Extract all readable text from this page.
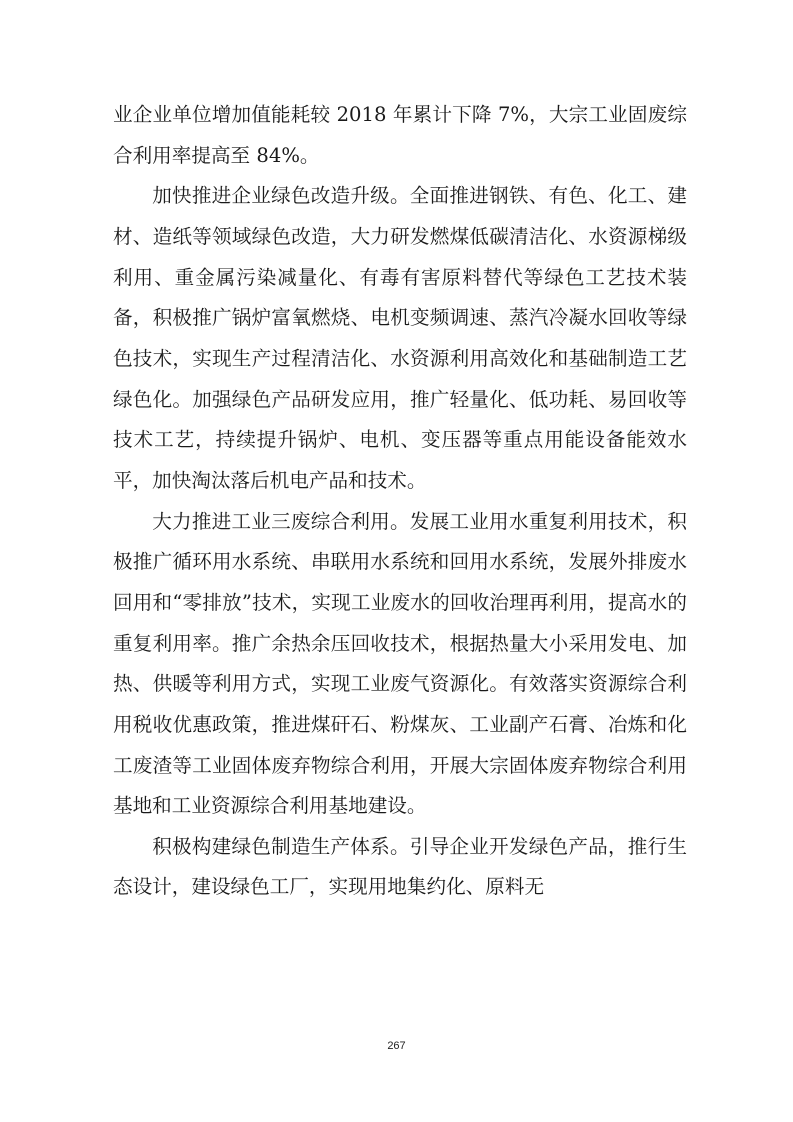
业企业单位增加值能耗较 2018 年累计下降 7%，大宗工业固废综合利用率提高至 84%。

加快推进企业绿色改造升级。全面推进钢铁、有色、化工、建材、造纸等领域绿色改造，大力研发燃煤低碳清洁化、水资源梯级利用、重金属污染减量化、有毒有害原料替代等绿色工艺技术装备，积极推广锅炉富氧燃烧、电机变频调速、蒸汽冷凝水回收等绿色技术，实现生产过程清洁化、水资源利用高效化和基础制造工艺绿色化。加强绿色产品研发应用，推广轻量化、低功耗、易回收等技术工艺，持续提升锅炉、电机、变压器等重点用能设备能效水平，加快淘汰落后机电产品和技术。

大力推进工业三废综合利用。发展工业用水重复利用技术，积极推广循环用水系统、串联用水系统和回用水系统，发展外排废水回用和“零排放”技术，实现工业废水的回收治理再利用，提高水的重复利用率。推广余热余压回收技术，根据热量大小采用发电、加热、供暖等利用方式，实现工业废气资源化。有效落实资源综合利用税收优惠政策，推进煤矸石、粉煤灰、工业副产石膏、冶炼和化工废渣等工业固体废弃物综合利用，开展大宗固体废弃物综合利用基地和工业资源综合利用基地建设。

积极构建绿色制造生产体系。引导企业开发绿色产品，推行生态设计，建设绿色工厂，实现用地集约化、原料无

267
